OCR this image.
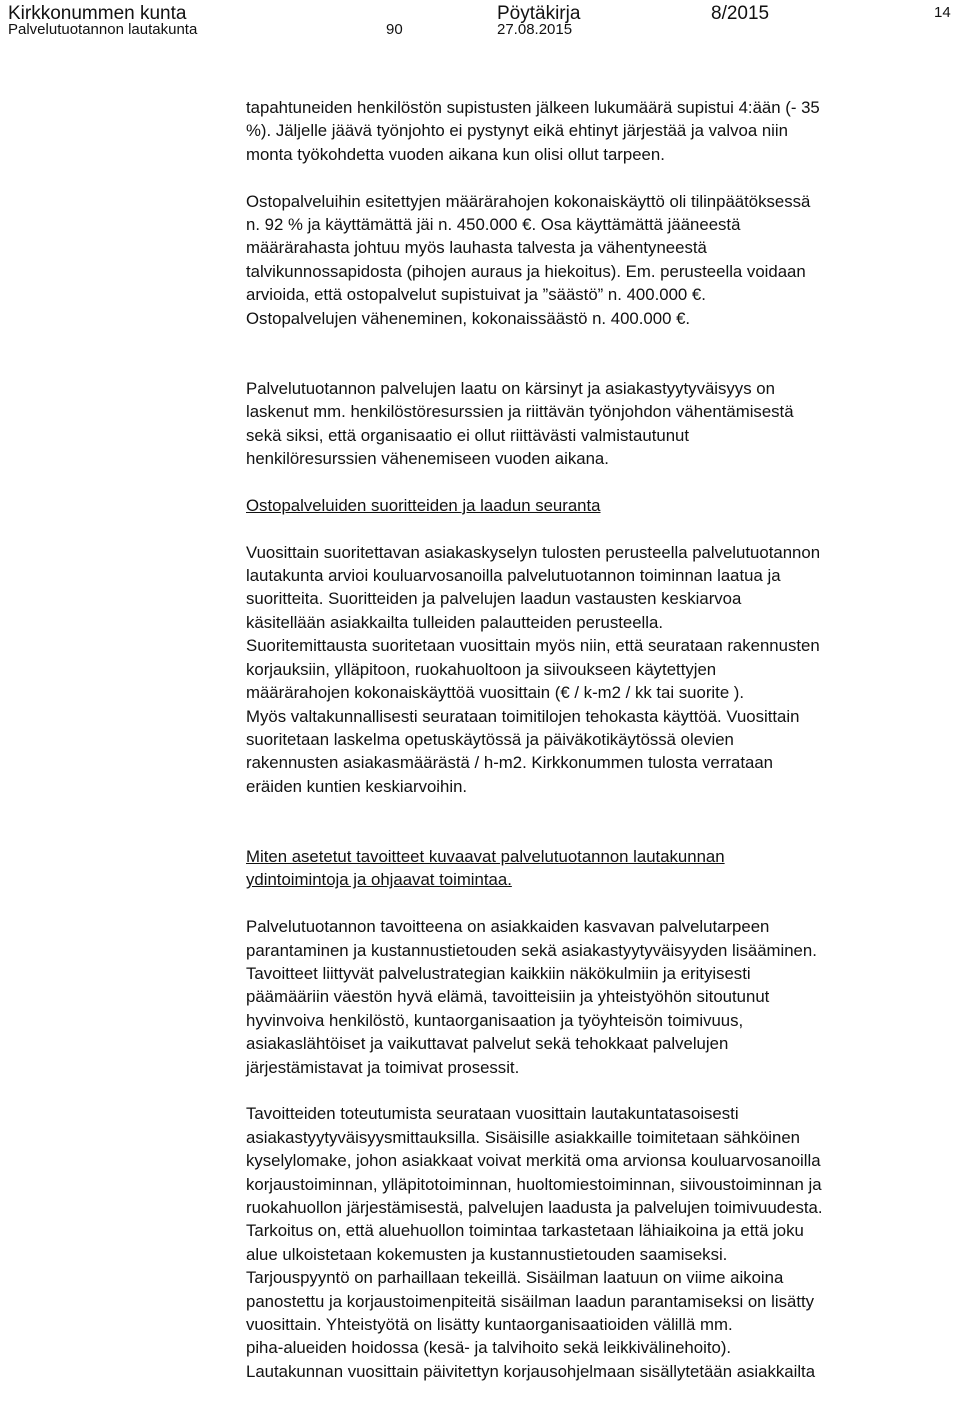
Kirkkonummen kunta	Pöytäkirja	8/2015	14
Palvelutuotannon lautakunta	90	27.08.2015

tapahtuneiden henkilöstön supistusten jälkeen lukumäärä supistui 4:ään (- 35
%). Jäljelle jäävä työnjohto ei pystynyt eikä ehtinyt järjestää ja valvoa niin
monta työkohdetta vuoden aikana kun olisi ollut tarpeen.

Ostopalveluihin esitettyjen määrärahojen kokonaiskäyttö oli tilinpäätöksessä
n. 92 % ja käyttämättä jäi n. 450.000 €. Osa käyttämättä jääneestä
määrärahasta johtuu myös lauhasta talvesta ja vähentyneestä
talvikunnossapidosta (pihojen auraus ja hiekoitus). Em. perusteella voidaan
arvioida, että ostopalvelut supistuivat ja ”säästö” n. 400.000 €.
Ostopalvelujen väheneminen, kokonaissäästö n. 400.000 €.

Palvelutuotannon palvelujen laatu on kärsinyt ja asiakastyytyväisyys on
laskenut mm. henkilöstöresurssien ja riittävän työnjohdon vähentämisestä
sekä siksi, että organisaatio ei ollut riittävästi valmistautunut
henkilöresurssien vähenemiseen vuoden aikana.

Ostopalveluiden suoritteiden ja laadun seuranta

Vuosittain suoritettavan asiakaskyselyn tulosten perusteella palvelutuotannon
lautakunta arvioi kouluarvosanoilla palvelutuotannon toiminnan laatua ja
suoritteita. Suoritteiden ja palvelujen laadun vastausten keskiarvoa
käsitellään asiakkailta tulleiden palautteiden perusteella.
Suoritemittausta suoritetaan vuosittain myös niin, että seurataan rakennusten
korjauksiin, ylläpitoon, ruokahuoltoon ja siivoukseen käytettyjen
määrärahojen kokonaiskäyttöä vuosittain (€ / k-m2 / kk tai suorite ).
Myös valtakunnallisesti seurataan toimitilojen tehokasta käyttöä. Vuosittain
suoritetaan laskelma opetuskäytössä ja päiväkotikäytössä olevien
rakennusten asiakasmäärästä / h-m2. Kirkkonummen tulosta verrataan
eräiden kuntien keskiarvoihin.

Miten asetetut tavoitteet kuvaavat palvelutuotannon lautakunnan
ydintoimintoja ja ohjaavat toimintaa.

Palvelutuotannon tavoitteena on asiakkaiden kasvavan palvelutarpeen
parantaminen ja kustannustietouden sekä asiakastyytyväisyyden lisääminen.
Tavoitteet liittyvät palvelustrategian kaikkiin näkökulmiin ja erityisesti
päämääriin väestön hyvä elämä, tavoitteisiin ja yhteistyöhön sitoutunut
hyvinvoiva henkilöstö, kuntaorganisaation ja työyhteisön toimivuus,
asiakaslähtöiset ja vaikuttavat palvelut sekä tehokkaat palvelujen
järjestämistavat ja toimivat prosessit.

Tavoitteiden toteutumista seurataan vuosittain lautakuntatasoisesti
asiakastyytyväisyysmittauksilla. Sisäisille asiakkaille toimitetaan sähköinen
kyselylomake, johon asiakkaat voivat merkitä oma arvionsa kouluarvosanoilla
korjaustoiminnan, ylläpitotoiminnan, huoltomiestoiminnan, siivoustoiminnan ja
ruokahuollon järjestämisestä, palvelujen laadusta ja palvelujen toimivuudesta.
Tarkoitus on, että aluehuollon toimintaa tarkastetaan lähiaikoina ja että joku
alue ulkoistetaan kokemusten ja kustannustietouden saamiseksi.
Tarjouspyyntö on parhaillaan tekeillä. Sisäilman laatuun on viime aikoina
panostettu ja korjaustoimenpiteitä sisäilman laadun parantamiseksi on lisätty
vuosittain. Yhteistyötä on lisätty kuntaorganisaatioiden välillä mm.
piha-alueiden hoidossa (kesä- ja talvihoito sekä leikkivälinehoito).
Lautakunnan vuosittain päivitettyn korjausohjelmaan sisällytetään asiakkailta
